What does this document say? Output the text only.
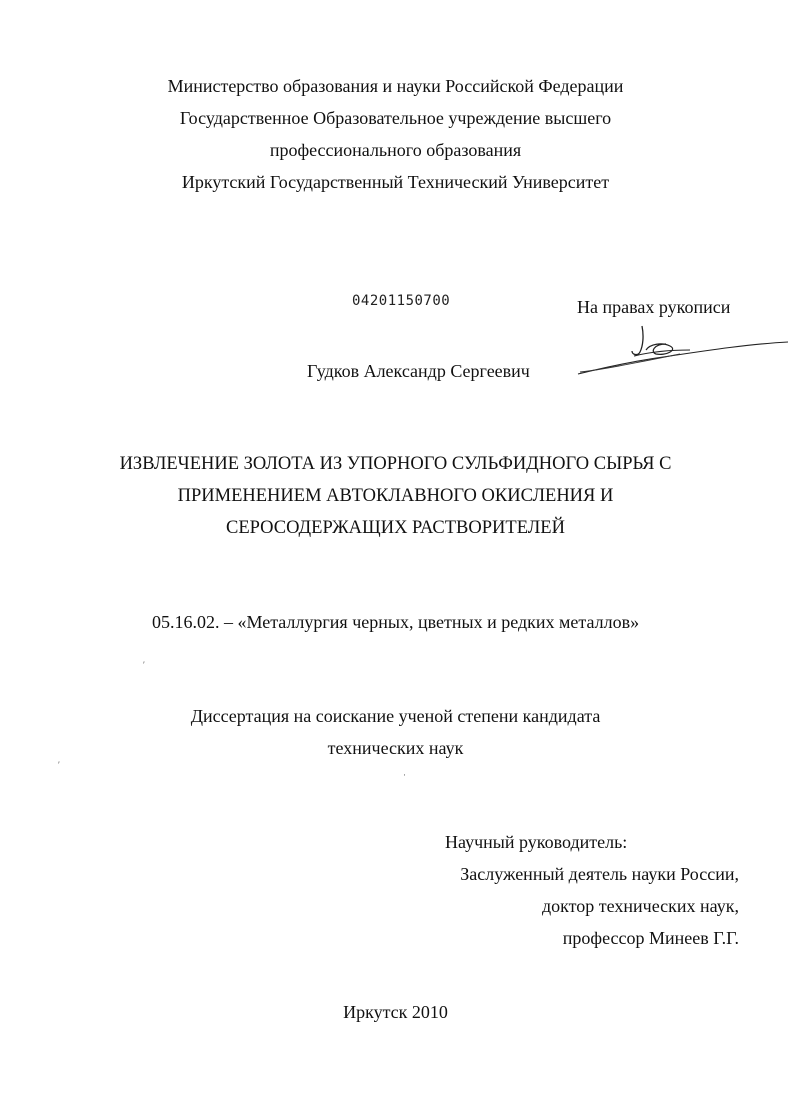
Министерство образования и науки Российской Федерации
Государственное Образовательное учреждение высшего
профессионального образования
Иркутский Государственный Технический Университет
04201150700	На правах рукописи
Гудков Александр Сергеевич
ИЗВЛЕЧЕНИЕ ЗОЛОТА ИЗ УПОРНОГО СУЛЬФИДНОГО СЫРЬЯ С
ПРИМЕНЕНИЕМ АВТОКЛАВНОГО ОКИСЛЕНИЯ И
СЕРОСОДЕРЖАЩИХ РАСТВОРИТЕЛЕЙ
05.16.02. – «Металлургия черных, цветных и редких металлов»
′
′
·
Диссертация на соискание ученой степени кандидата
технических наук
Научный руководитель:
Заслуженный деятель науки России,
доктор технических наук,
профессор Минеев Г.Г.
Иркутск 2010
